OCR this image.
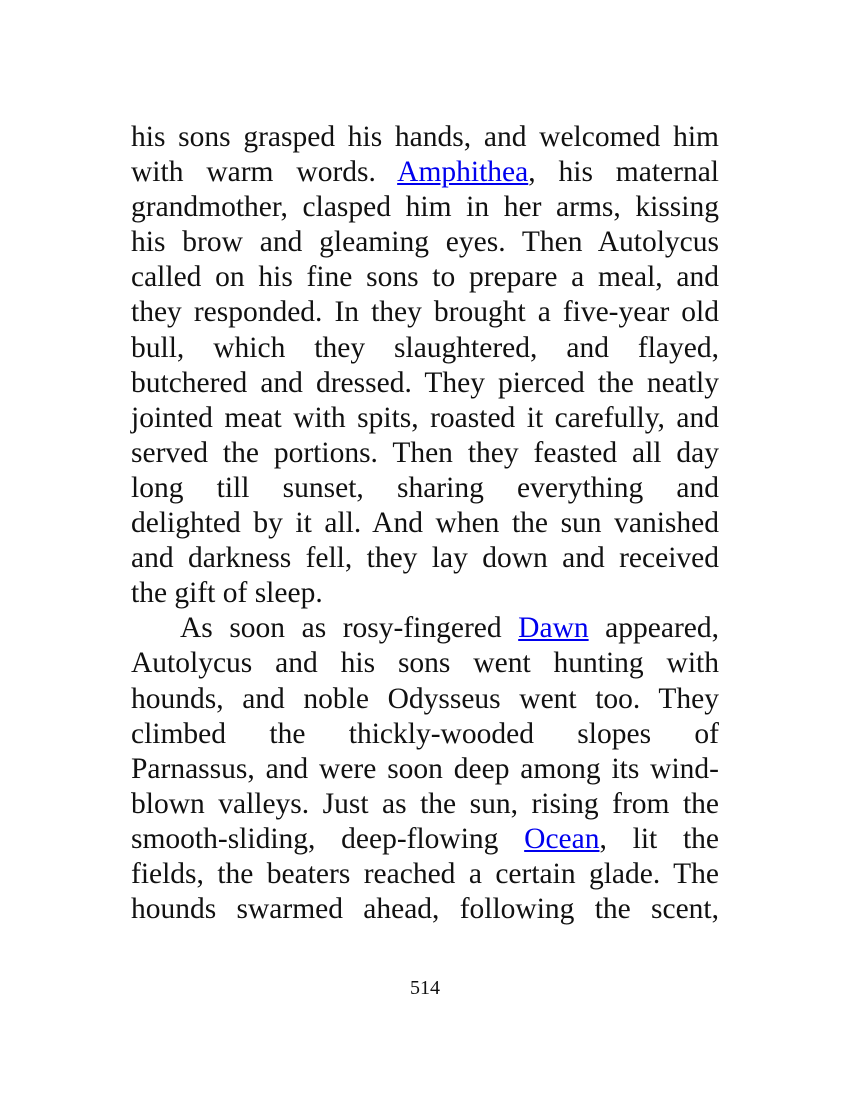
his sons grasped his hands, and welcomed him
with warm words. Amphithea, his maternal
grandmother, clasped him in her arms, kissing
his brow and gleaming eyes. Then Autolycus
called on his fine sons to prepare a meal, and
they responded. In they brought a five-year old
bull, which they slaughtered, and flayed,
butchered and dressed. They pierced the neatly
jointed meat with spits, roasted it carefully, and
served the portions. Then they feasted all day
long till sunset, sharing everything and
delighted by it all. And when the sun vanished
and darkness fell, they lay down and received
the gift of sleep.
As soon as rosy-fingered Dawn appeared,
Autolycus and his sons went hunting with
hounds, and noble Odysseus went too. They
climbed the thickly-wooded slopes of
Parnassus, and were soon deep among its wind-
blown valleys. Just as the sun, rising from the
smooth-sliding, deep-flowing Ocean, lit the
fields, the beaters reached a certain glade. The
hounds swarmed ahead, following the scent,
514
